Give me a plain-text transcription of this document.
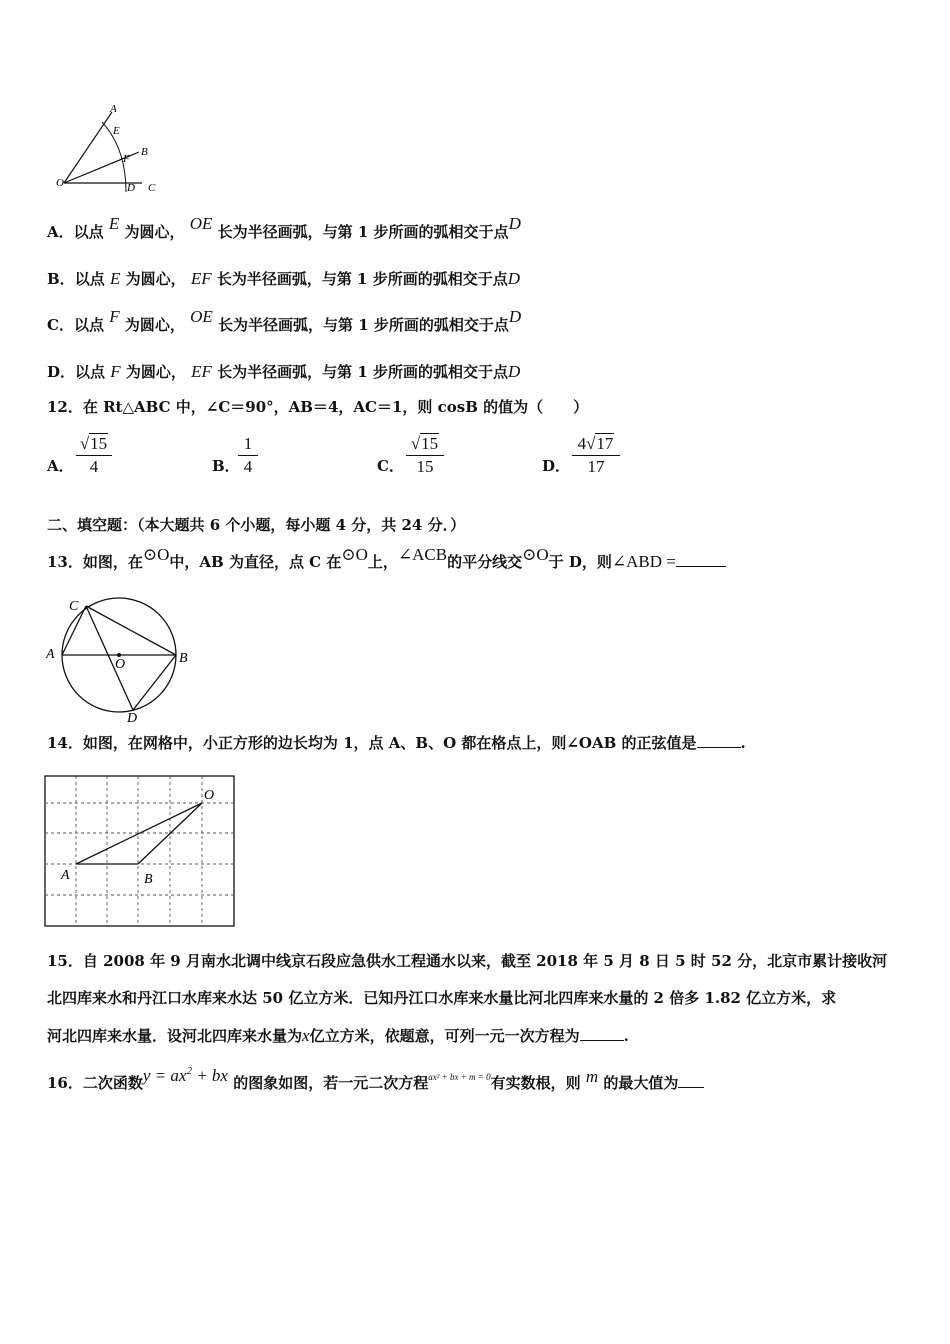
A
E
B
F
O	D C
A．以点 E 为圆心， OE 长为半径画弧，与第 1 步所画的弧相交于点D
B．以点 E 为圆心， EF 长为半径画弧，与第 1 步所画的弧相交于点D
C．以点 F 为圆心， OE 长为半径画弧，与第 1 步所画的弧相交于点D
D．以点 F 为圆心， EF 长为半径画弧，与第 1 步所画的弧相交于点D
12．在 Rt△ABC 中，∠C＝90°，AB＝4，AC＝1，则 cosB 的值为（　　）
A． $\frac{√15}{4}$	B．
$\frac{1}{4}$	C． $\frac{√15}{15}$	D． $\frac{4√17}{17}$
二、填空题：（本大题共 6 个小题，每小题 4 分，共 24 分．）
13．如图，在⊙O中，AB 为直径，点 C 在⊙O上，∠ACB的平分线交⊙O于 D，则∠ABD =
C
A
O	B
D
14．如图，在网格中，小正方形的边长均为 1，点 A、B、O 都在格点上，则∠OAB 的正弦值是	.
O
A	B
15．自 2008 年 9 月南水北调中线京石段应急供水工程通水以来，截至 2018 年 5 月 8 日 5 时 52 分，北京市累计接收河
北四库来水和丹江口水库来水达 50 亿立方米．已知丹江口水库来水量比河北四库来水量的 2 倍多 1.82 亿立方米，求
河北四库来水量．设河北四库来水量为x亿立方米，依题意，可列一元一次方程为	.
16．二次函数$y = ax^2$ + bx 的图象如图，若一元二次方程$^{ax^2 + bx + m = 0}$有实数根，则 m 的最大值为
